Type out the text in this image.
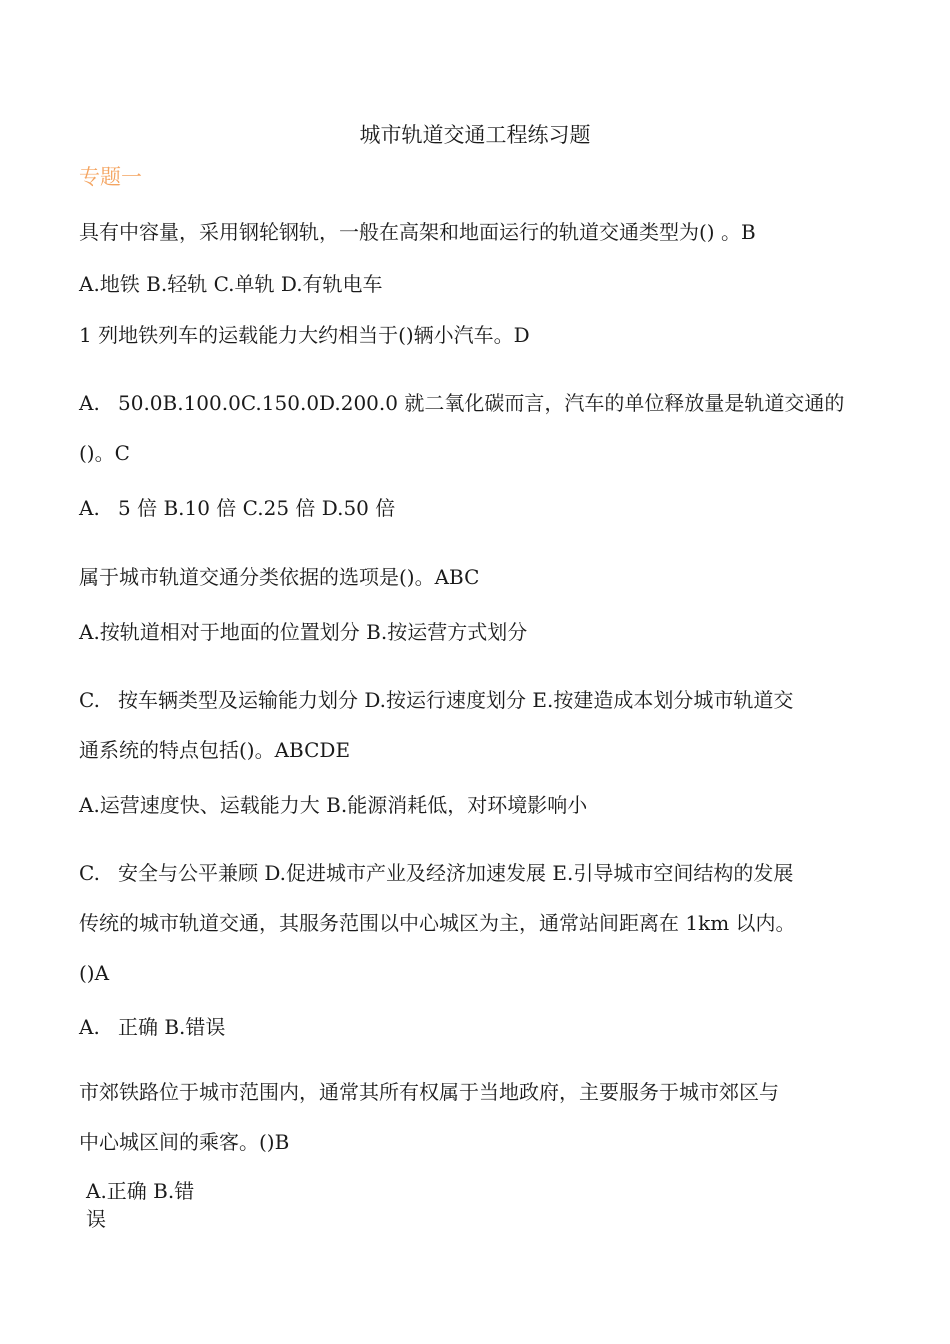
城市轨道交通工程练习题
专题一
具有中容量，采用钢轮钢轨，一般在高架和地面运行的轨道交通类型为() 。B
A.地铁 B.轻轨 C.单轨 D.有轨电车
1 列地铁列车的运载能力大约相当于()辆小汽车。D
A. 50.0B.100.0C.150.0D.200.0 就二氧化碳而言，汽车的单位释放量是轨道交通的
()。C
A. 5 倍 B.10 倍 C.25 倍 D.50 倍
属于城市轨道交通分类依据的选项是()。ABC
A.按轨道相对于地面的位置划分 B.按运营方式划分
C. 按车辆类型及运输能力划分 D.按运行速度划分 E.按建造成本划分城市轨道交
通系统的特点包括()。ABCDE
A.运营速度快、运载能力大 B.能源消耗低，对环境影响小
C. 安全与公平兼顾 D.促进城市产业及经济加速发展 E.引导城市空间结构的发展
传统的城市轨道交通，其服务范围以中心城区为主，通常站间距离在 1km 以内。
()A
A. 正确 B.错误
市郊铁路位于城市范围内，通常其所有权属于当地政府，主要服务于城市郊区与
中心城区间的乘客。()B
A.正确 B.错
误
